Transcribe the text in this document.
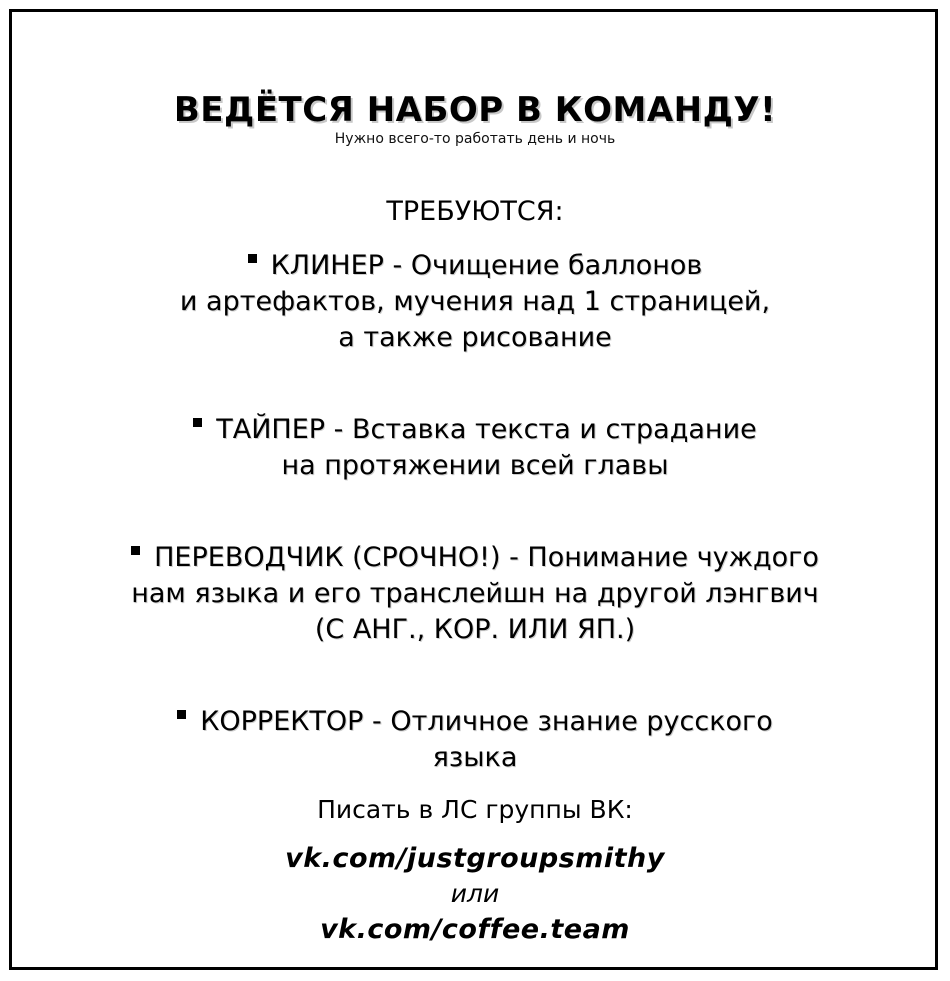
ВЕДЁТСЯ НАБОР В КОМАНДУ!
Нужно всего-то работать день и ночь
ТРЕБУЮТСЯ:
КЛИНЕР - Очищение баллонов
и артефактов, мучения над 1 страницей,
а также рисование
ТАЙПЕР - Вставка текста и страдание
на протяжении всей главы
ПЕРЕВОДЧИК (СРОЧНО!) - Понимание чуждого
нам языка и его транслейшн на другой лэнгвич
(С АНГ., КОР. ИЛИ ЯП.)
КОРРЕКТОР - Отличное знание русского
языка
Писать в ЛС группы ВК:
vk.com/justgroupsmithy
или
vk.com/coffee.team
